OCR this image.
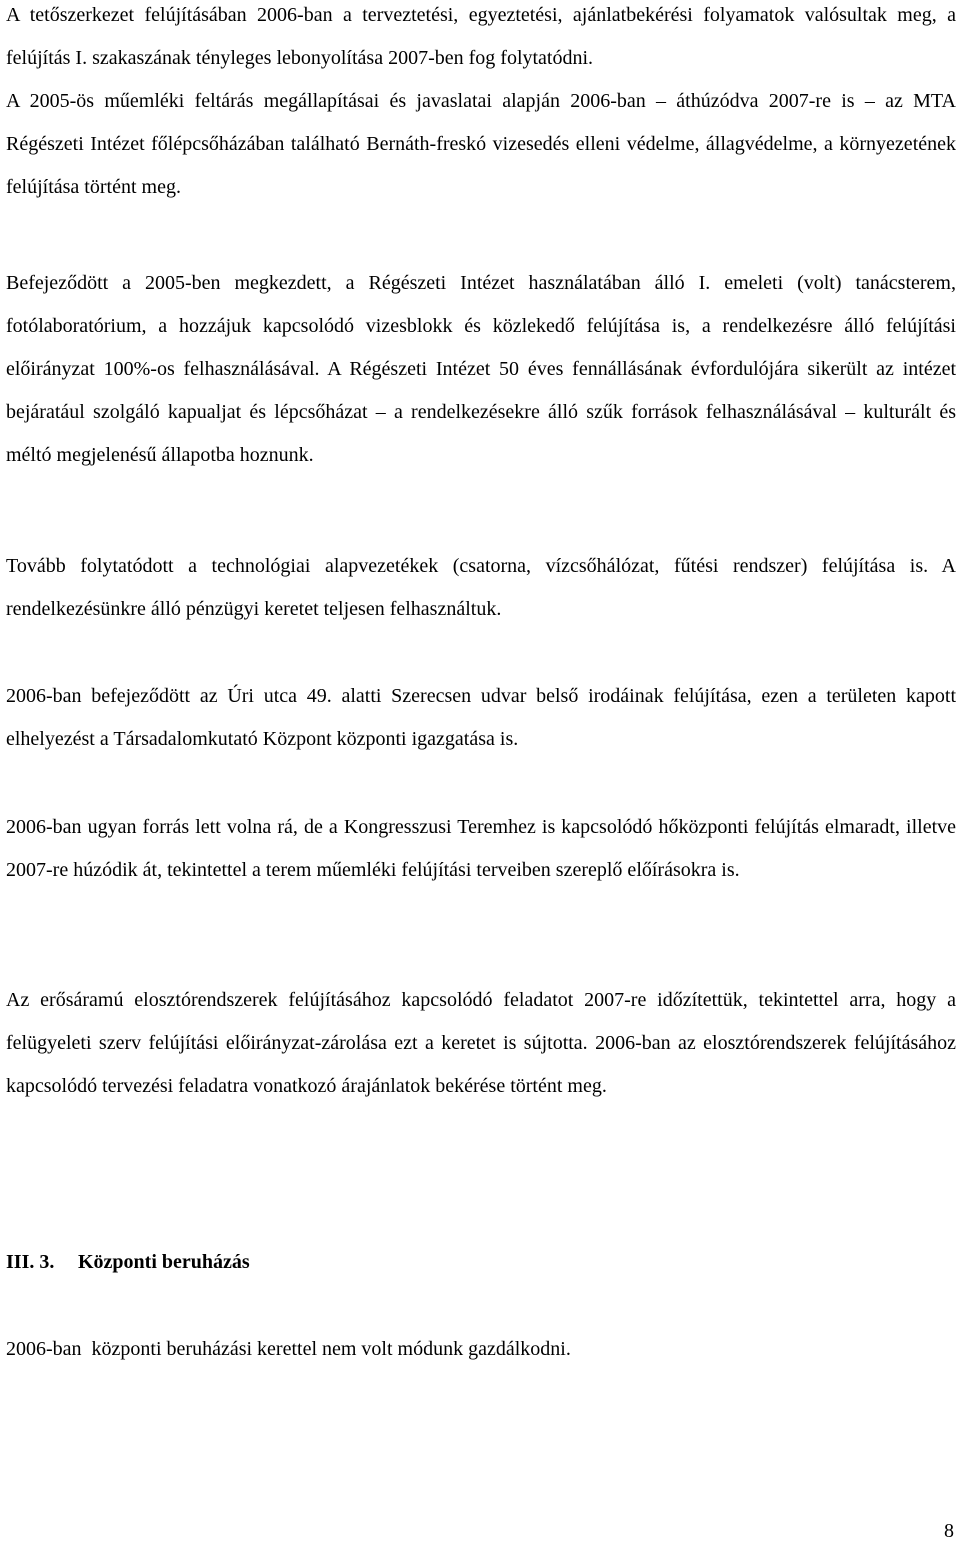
A tetőszerkezet felújításában 2006-ban a terveztetési, egyeztetési, ajánlatbekérési folyamatok valósultak meg, a felújítás I. szakaszának tényleges lebonyolítása 2007-ben fog folytatódni.

A 2005-ös műemléki feltárás megállapításai és javaslatai alapján 2006-ban – áthúzódva 2007-re is – az MTA Régészeti Intézet főlépcsőházában található Bernáth-freskó vizesedés elleni védelme, állagvédelme, a környezetének felújítása történt meg.

Befejeződött a 2005-ben megkezdett, a Régészeti Intézet használatában álló I. emeleti (volt) tanácsterem, fotólaboratórium, a hozzájuk kapcsolódó vizesblokk és közlekedő felújítása is, a rendelkezésre álló felújítási előirányzat 100%-os felhasználásával. A Régészeti Intézet 50 éves fennállásának évfordulójára sikerült az intézet bejáratául szolgáló kapualjat és lépcsőházat – a rendelkezésekre álló szűk források felhasználásával – kulturált és méltó megjelenésű állapotba hoznunk.

Tovább folytatódott a technológiai alapvezetékek (csatorna, vízcsőhálózat, fűtési rendszer) felújítása is. A rendelkezésünkre álló pénzügyi keretet teljesen felhasználtuk.

2006-ban befejeződött az Úri utca 49. alatti Szerecsen udvar belső irodáinak felújítása, ezen a területen kapott elhelyezést a Társadalomkutató Központ központi igazgatása is.

2006-ban ugyan forrás lett volna rá, de a Kongresszusi Teremhez is kapcsolódó hőközponti felújítás elmaradt, illetve 2007-re húzódik át, tekintettel a terem műemléki felújítási terveiben szereplő előírásokra is.

Az erősáramú elosztórendszerek felújításához kapcsolódó feladatot 2007-re időzítettük, tekintettel arra, hogy a felügyeleti szerv felújítási előirányzat-zárolása ezt a keretet is sújtotta. 2006-ban az elosztórendszerek felújításához kapcsolódó tervezési feladatra vonatkozó árajánlatok bekérése történt meg.

III. 3. Központi beruházás

2006-ban  központi beruházási kerettel nem volt módunk gazdálkodni.

8
